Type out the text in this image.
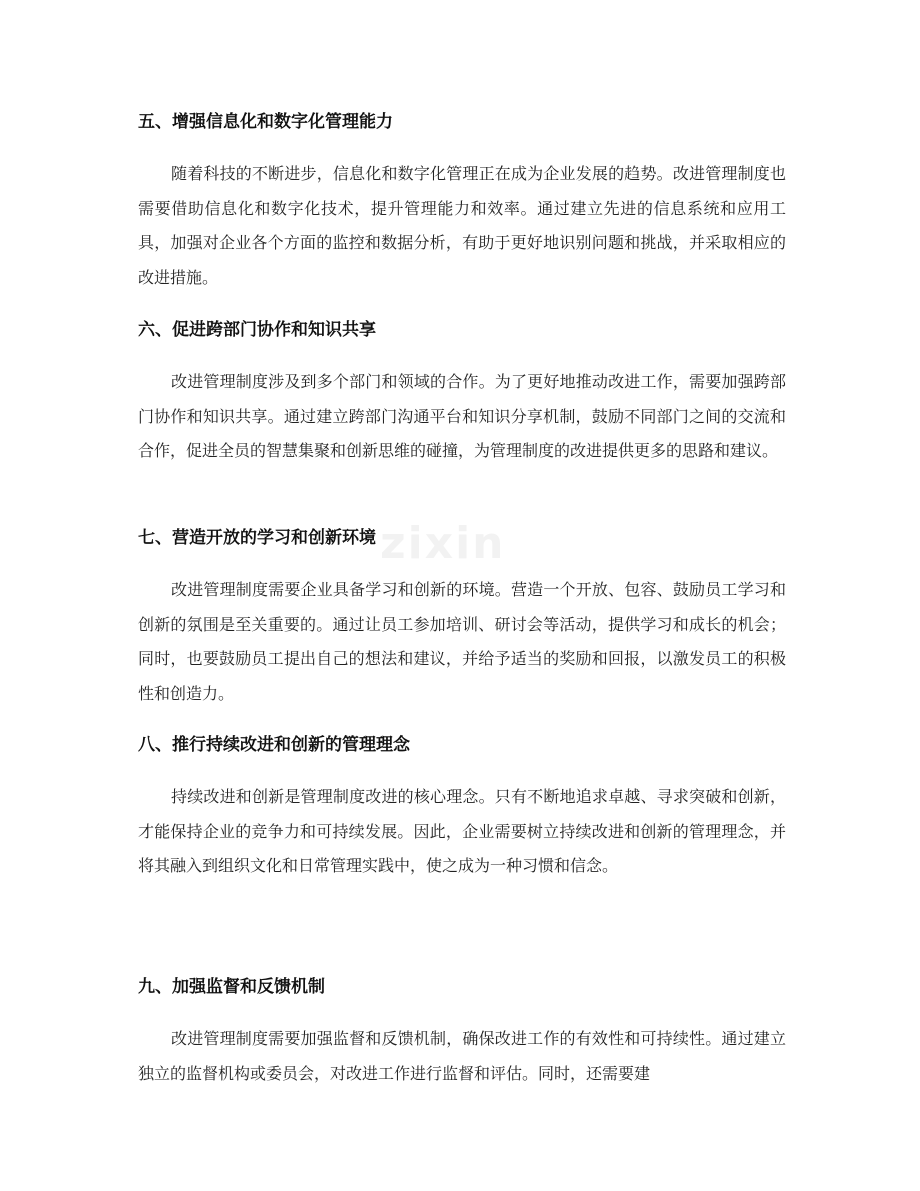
zixin
五、增强信息化和数字化管理能力
随着科技的不断进步，信息化和数字化管理正在成为企业发展的趋势。改进管理制度也需要借助信息化和数字化技术，提升管理能力和效率。通过建立先进的信息系统和应用工具，加强对企业各个方面的监控和数据分析，有助于更好地识别问题和挑战，并采取相应的改进措施。
六、促进跨部门协作和知识共享
改进管理制度涉及到多个部门和领域的合作。为了更好地推动改进工作，需要加强跨部门协作和知识共享。通过建立跨部门沟通平台和知识分享机制，鼓励不同部门之间的交流和合作，促进全员的智慧集聚和创新思维的碰撞，为管理制度的改进提供更多的思路和建议。
七、营造开放的学习和创新环境
改进管理制度需要企业具备学习和创新的环境。营造一个开放、包容、鼓励员工学习和创新的氛围是至关重要的。通过让员工参加培训、研讨会等活动，提供学习和成长的机会；同时，也要鼓励员工提出自己的想法和建议，并给予适当的奖励和回报，以激发员工的积极性和创造力。
八、推行持续改进和创新的管理理念
持续改进和创新是管理制度改进的核心理念。只有不断地追求卓越、寻求突破和创新，才能保持企业的竞争力和可持续发展。因此，企业需要树立持续改进和创新的管理理念，并将其融入到组织文化和日常管理实践中，使之成为一种习惯和信念。
九、加强监督和反馈机制
改进管理制度需要加强监督和反馈机制，确保改进工作的有效性和可持续性。通过建立独立的监督机构或委员会，对改进工作进行监督和评估。同时，还需要建
